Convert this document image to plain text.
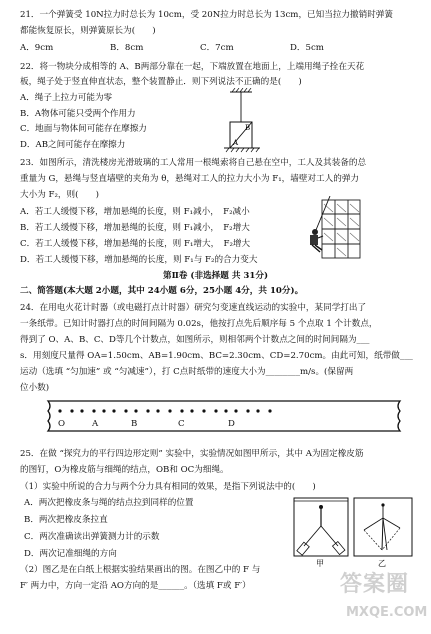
21．一个弹簧受 10N拉力时总长为 10cm，受 20N拉力时总长为 13cm，已知当拉力撤销时弹簧
都能恢复原长，则弹簧原长为(　　)
A．9cm	B．8cm	C．7cm	D．5cm
22．将一物块分成相等的 A、B两部分靠在一起，下端放置在地面上，上端用绳子拴在天花
板，绳子处于竖直伸直状态，整个装置静止．则下列说法不正确的是(　　)
A．绳子上拉力可能为零
B．A物体可能只受两个作用力
C．地面与物体间可能存在摩擦力
D．AB之间可能存在摩擦力	A
B
23．如图所示，清洗楼房光滑玻璃的工人常用一根绳索将自己悬在空中，工人及其装备的总
重量为 G，悬绳与竖直墙壁的夹角为 θ，悬绳对工人的拉力大小为 F₁，墙壁对工人的弹力
大小为 F₂，则(　　)
A．若工人缓慢下移，增加悬绳的长度，则 F₁减小，　F₂减小
B．若工人缓慢下移，增加悬绳的长度，则 F₁减小，　F₂增大
C．若工人缓慢下移，增加悬绳的长度，则 F₁增大，　F₂增大
D．若工人缓慢下移，增加悬绳的长度，则 F₁与 F₂的合力变大
第Ⅱ卷 (非选择题 共 31分)
二、简答题(本大题 2小题，其中 24小题 6分，25小题 4分，共 10分)。
24．在用电火花计时器（或电磁打点计时器）研究匀变速直线运动的实验中，某同学打出了
一条纸带。已知计时器打点的时间间隔为 0.02s，他按打点先后顺序每 5 个点取 1 个计数点，
得到了 O、A、B、C、D等几个计数点，如图所示，则相邻两个计数点之间的时间间隔为___
s．用刻度尺量得 OA=1.50cm、AB=1.90cm、BC=2.30cm、CD=2.70cm。由此可知，纸带做___
运动（选填 “匀加速” 或 “匀减速”），打 C点时纸带的速度大小为________m/s。(保留两
位小数)
O	A	B	C	D
25．在做 “探究力的平行四边形定则” 实验中，实验情况如图甲所示，其中 A为固定橡皮筋
的图钉，O为橡皮筋与细绳的结点，OB和 OC为细绳。
（1）实验中所说的合力与两个分力具有相同的效果，是指下列说法中的(　　)
A．两次把橡皮条与绳的结点拉到同样的位置
B．两次把橡皮条拉直
C．两次准确读出弹簧测力计的示数
D．两次记准细绳的方向
（2）图乙是在白纸上根据实验结果画出的图。在图乙中的 F 与
F′ 两力中，方向一定沿 AO方向的是______。（选填 F或 F′）
甲	乙
答案圈
MXQE.COM
